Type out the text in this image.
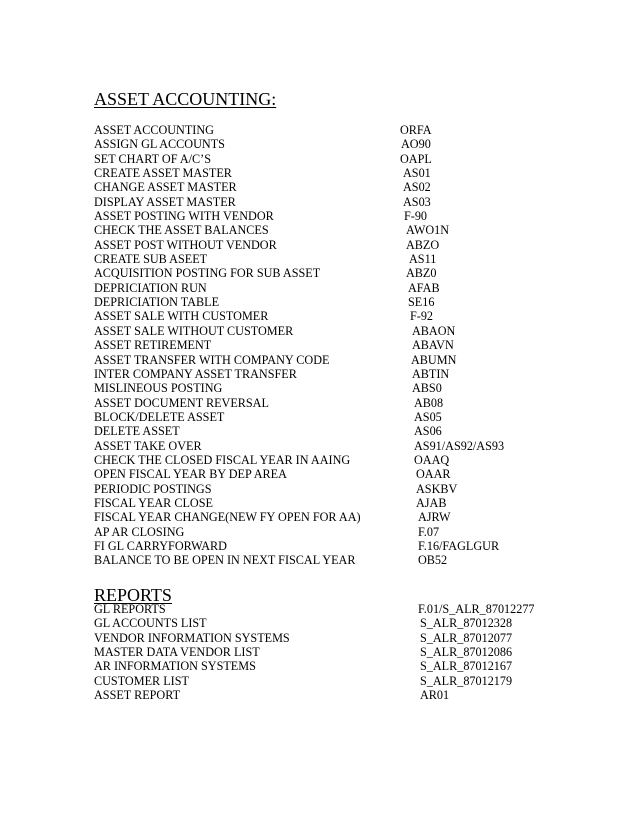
ASSET ACCOUNTING:
ASSET ACCOUNTING	ORFA
ASSIGN GL ACCOUNTS	AO90
SET CHART OF A/C’S	OAPL
CREATE ASSET MASTER	AS01
CHANGE ASSET MASTER	AS02
DISPLAY ASSET MASTER	AS03
ASSET POSTING WITH VENDOR	F-90
CHECK THE ASSET BALANCES	AWO1N
ASSET POST WITHOUT VENDOR	ABZO
CREATE SUB ASEET	AS11
ACQUISITION POSTING FOR SUB ASSET	ABZ0
DEPRICIATION RUN	AFAB
DEPRICIATION TABLE	SE16
ASSET SALE WITH CUSTOMER	F-92
ASSET SALE WITHOUT CUSTOMER	ABAON
ASSET RETIREMENT	ABAVN
ASSET TRANSFER WITH COMPANY CODE	ABUMN
INTER COMPANY ASSET TRANSFER	ABTIN
MISLINEOUS POSTING	ABS0
ASSET DOCUMENT REVERSAL	AB08
BLOCK/DELETE ASSET	AS05
DELETE ASSET	AS06
ASSET TAKE OVER	AS91/AS92/AS93
CHECK THE CLOSED FISCAL YEAR IN AAING	OAAQ
OPEN FISCAL YEAR BY DEP AREA	OAAR
PERIODIC POSTINGS	ASKBV
FISCAL YEAR CLOSE	AJAB
FISCAL YEAR CHANGE(NEW FY OPEN FOR AA)	AJRW
AP AR CLOSING	F.07
FI GL CARRYFORWARD	F.16/FAGLGUR
BALANCE TO BE OPEN IN NEXT FISCAL YEAR	OB52
REPORTS
GL REPORTS	F.01/S_ALR_87012277
GL ACCOUNTS LIST	S_ALR_87012328
VENDOR INFORMATION SYSTEMS	S_ALR_87012077
MASTER DATA VENDOR LIST	S_ALR_87012086
AR INFORMATION SYSTEMS	S_ALR_87012167
CUSTOMER LIST	S_ALR_87012179
ASSET REPORT	AR01
